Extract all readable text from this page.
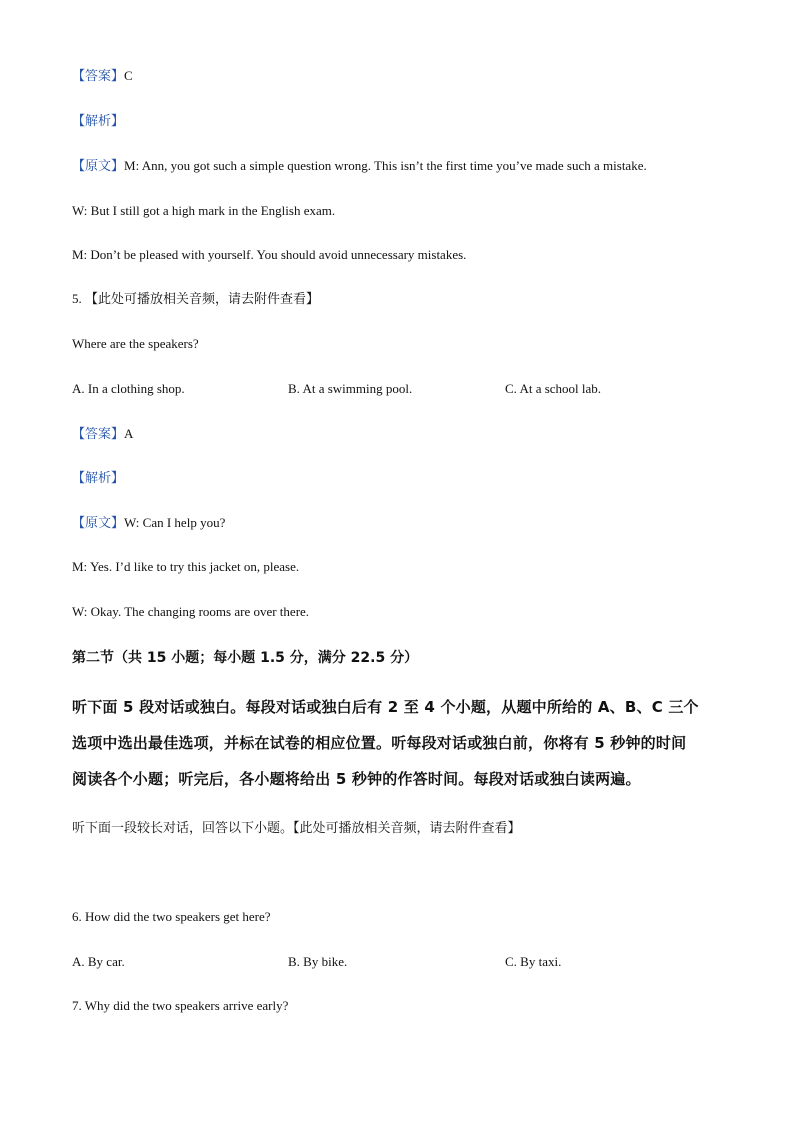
【答案】C
【解析】
【原文】M: Ann, you got such a simple question wrong. This isn’t the first time you’ve made such a mistake.
W: But I still got a high mark in the English exam.
M: Don’t be pleased with yourself. You should avoid unnecessary mistakes.
5. 【此处可播放相关音频，请去附件查看】
Where are the speakers?
A. In a clothing shop.	B. At a swimming pool.	C. At a school lab.
【答案】A
【解析】
【原文】W: Can I help you?
M: Yes. I’d like to try this jacket on, please.
W: Okay. The changing rooms are over there.
第二节（共 15 小题；每小题 1.5 分，满分 22.5 分）
听下面 5 段对话或独白。每段对话或独白后有 2 至 4 个小题，从题中所给的 A、B、C 三个
选项中选出最佳选项，并标在试卷的相应位置。听每段对话或独白前，你将有 5 秒钟的时间
阅读各个小题；听完后，各小题将给出 5 秒钟的作答时间。每段对话或独白读两遍。
听下面一段较长对话，回答以下小题。【此处可播放相关音频，请去附件查看】
6. How did the two speakers get here?
A. By car.	B. By bike.	C. By taxi.
7. Why did the two speakers arrive early?
